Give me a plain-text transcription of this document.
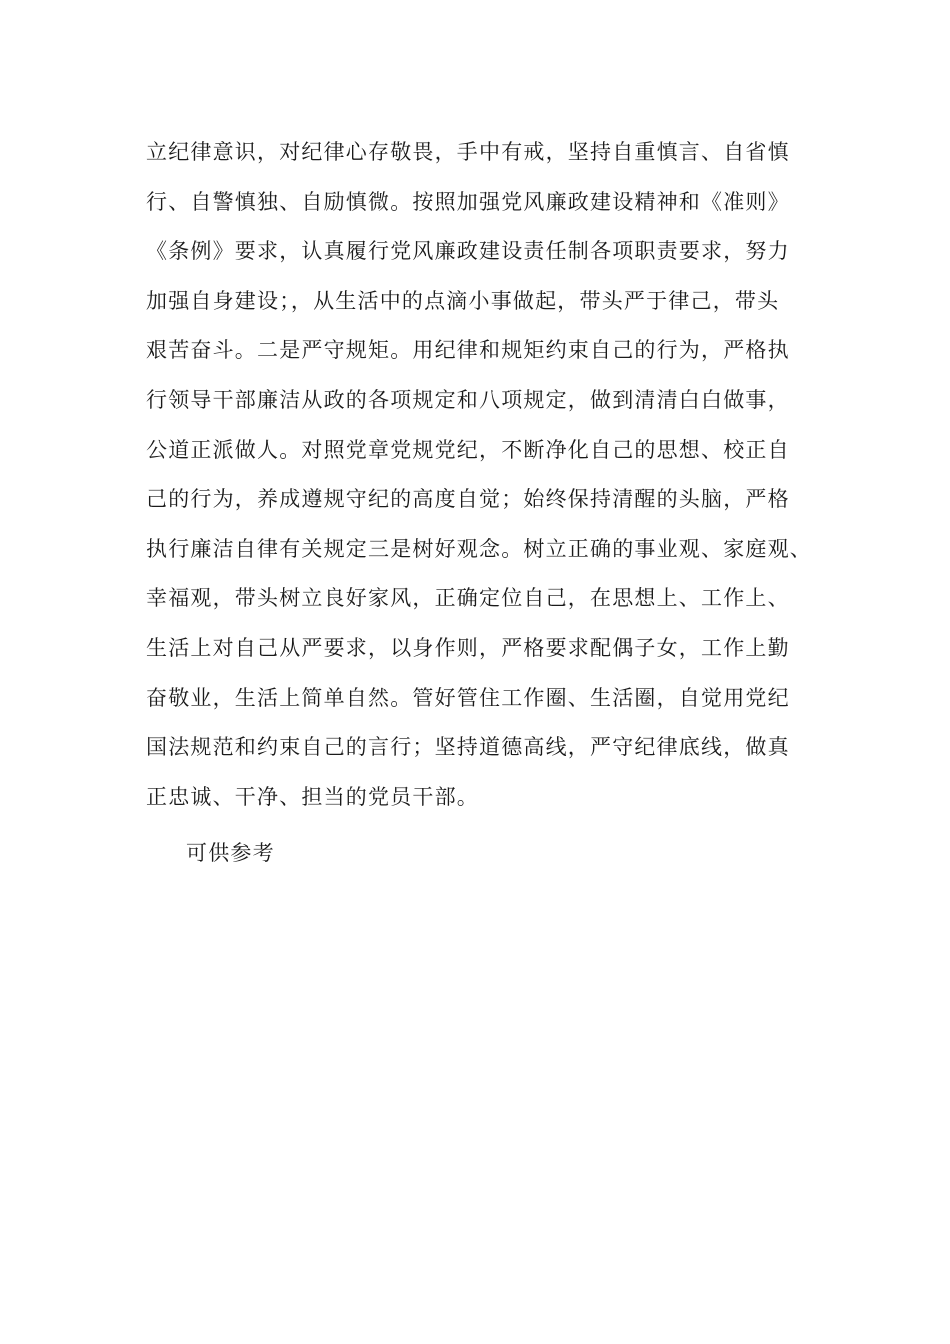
立纪律意识，对纪律心存敬畏，手中有戒，坚持自重慎言、自省慎
行、自警慎独、自励慎微。按照加强党风廉政建设精神和《准则》
《条例》要求，认真履行党风廉政建设责任制各项职责要求，努力
加强自身建设；，从生活中的点滴小事做起，带头严于律己，带头
艰苦奋斗。二是严守规矩。用纪律和规矩约束自己的行为，严格执
行领导干部廉洁从政的各项规定和八项规定，做到清清白白做事，
公道正派做人。对照党章党规党纪，不断净化自己的思想、校正自
己的行为，养成遵规守纪的高度自觉；始终保持清醒的头脑，严格
执行廉洁自律有关规定三是树好观念。树立正确的事业观、家庭观、
幸福观，带头树立良好家风，正确定位自己，在思想上、工作上、
生活上对自己从严要求，以身作则，严格要求配偶子女，工作上勤
奋敬业，生活上简单自然。管好管住工作圈、生活圈，自觉用党纪
国法规范和约束自己的言行；坚持道德高线，严守纪律底线，做真
正忠诚、干净、担当的党员干部。

可供参考
